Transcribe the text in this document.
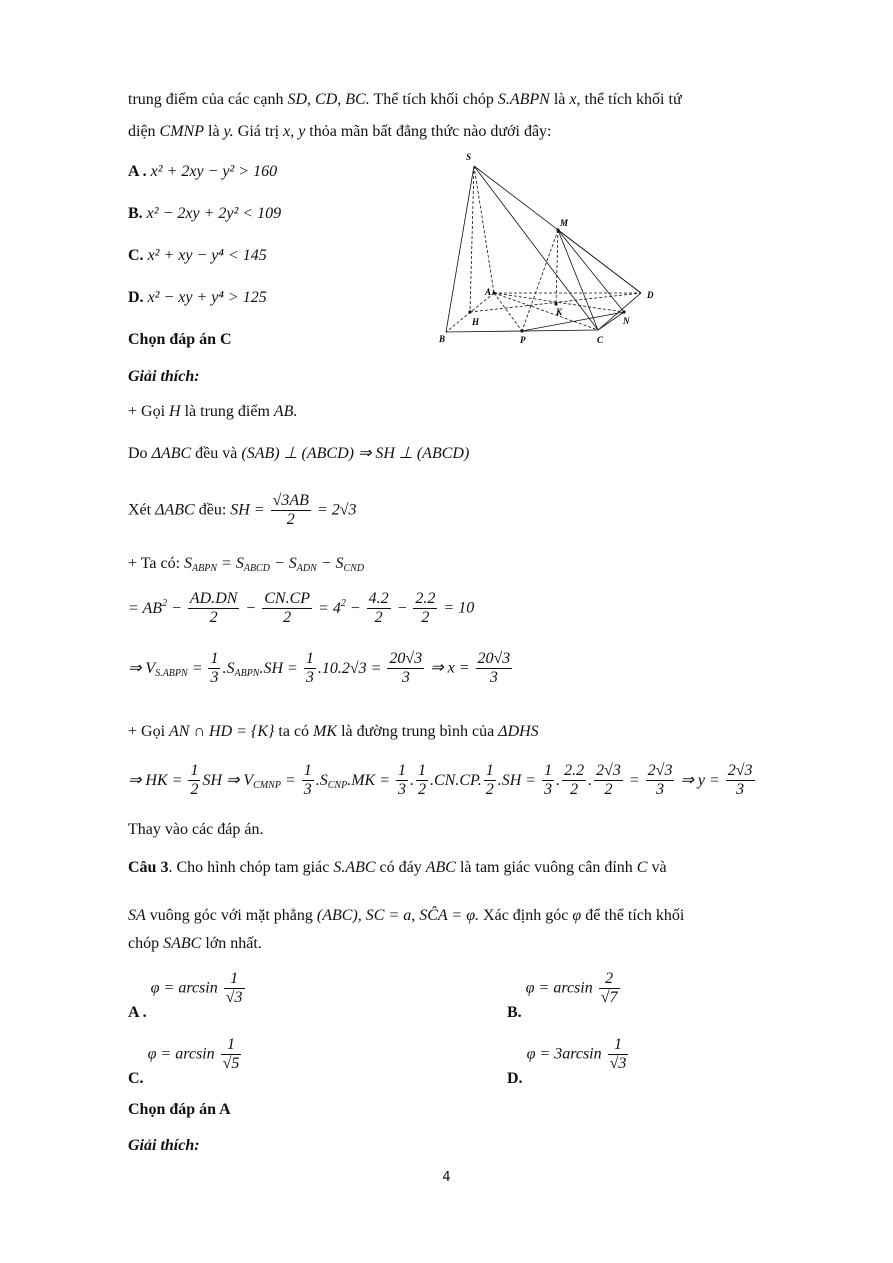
trung điểm của các cạnh SD, CD, BC. Thể tích khối chóp S.ABPN là x, thể tích khối tứ
diện CMNP là y. Giá trị x, y thỏa mãn bất đẳng thức nào dưới đây:
A . x² + 2xy − y² > 160
B. x² − 2xy + 2y² < 109
C. x² + xy − y⁴ < 145
D. x² − xy + y⁴ > 125
Chọn đáp án C
Giải thích:
S
M
A	D
K
N
H
B	P	C
+ Gọi H là trung điểm AB.
Do ΔABC đều và (SAB) ⊥ (ABCD) ⇒ SH ⊥ (ABCD)
Xét ΔABC đều: SH = $\frac{√3AB}{2} = 2√3$
+ Ta có: $S_{ABPN} = S_{ABCD} - S_{ADN} - S_{CND}$
= $AB^2 - \frac{AD.DN}{2} - \frac{CN.CP}{2} = 4^2 - \frac{4.2}{2} - \frac{2.2}{2} = 10$
⇒ $V_{S.ABPN} = \frac{1}{3} .S_{ABPN}.SH = \frac{1}{3} .10.2√3 = \frac{20√3}{3}$ ⇒ $x = \frac{20√3}{3}$
+ Gọi AN ∩ HD = {K} ta có MK là đường trung bình của ΔDHS
⇒ HK = $\frac{1}{2}$ SH ⇒ $V_{CMNP} = \frac{1}{3} .S_{CNP}.MK = \frac{1}{3}$ . $\frac{1}{2} .CN.CP$. $\frac{1}{2} .SH = \frac{1}{3}$ . $\frac{2.2}{2}$ . $\frac{2√3}{2} = \frac{2√3}{3}$ ⇒ $y = \frac{2√3}{3}$
Thay vào các đáp án.
Câu 3. Cho hình chóp tam giác S.ABC có đáy ABC là tam giác vuông cân đỉnh C và
SA vuông góc với mặt phẳng (ABC), SC = a, SĈA = φ. Xác định góc φ để thể tích khối
chóp SABC lớn nhất.
A . $\varphi = \arcsin \frac{1}{√3}$
B. $\varphi = \arcsin \frac{2}{√7}$
C. $\varphi = \arcsin \frac{1}{√5}$
D. $\varphi = 3\arcsin \frac{1}{√3}$
Chọn đáp án A
Giải thích:
4
